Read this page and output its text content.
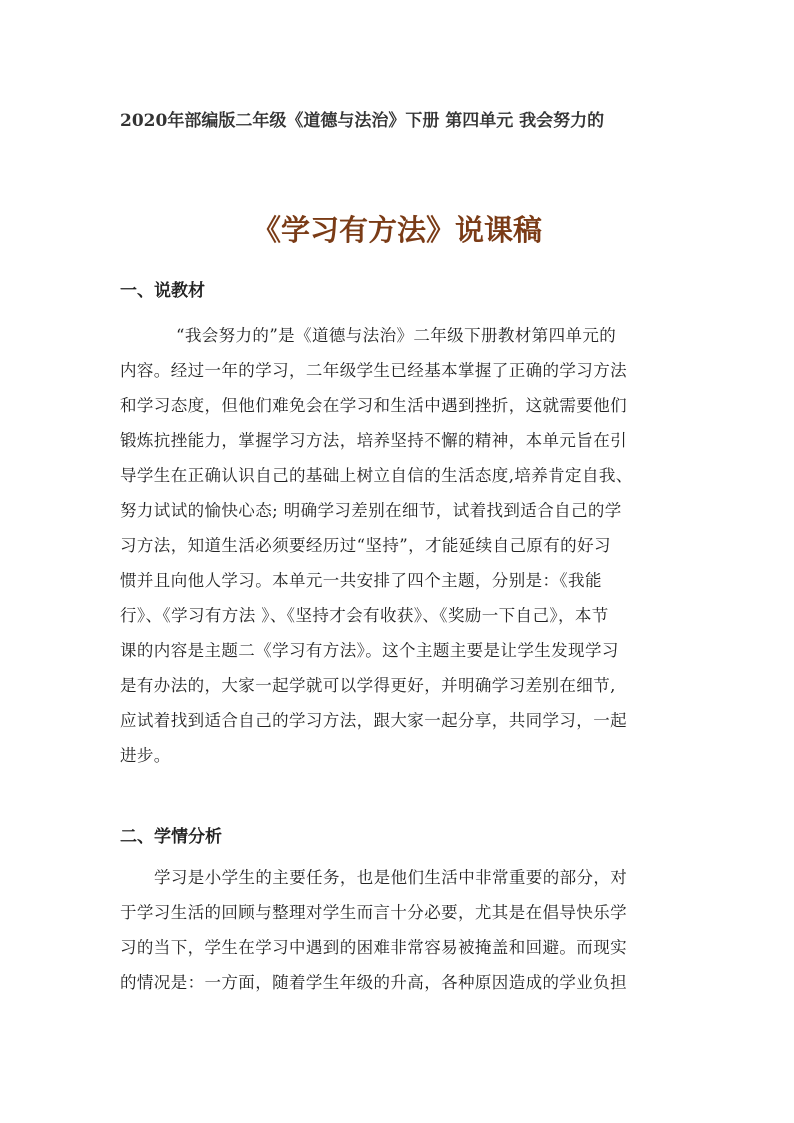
2020年部编版二年级《道德与法治》下册 第四单元 我会努力的
《学习有方法》说课稿
一、说教材
“我会努力的”是《道德与法治》二年级下册教材第四单元的
内容。经过一年的学习，二年级学生已经基本掌握了正确的学习方法
和学习态度，但他们难免会在学习和生活中遇到挫折，这就需要他们
锻炼抗挫能力，掌握学习方法，培养坚持不懈的精神，本单元旨在引
导学生在正确认识自己的基础上树立自信的生活态度,培养肯定自我、
努力试试的愉快心态; 明确学习差别在细节，试着找到适合自己的学
习方法，知道生活必须要经历过“坚持”，才能延续自己原有的好习
惯并且向他人学习。本单元一共安排了四个主题，分别是：《我能
行》、《学习有方法 》、《坚持才会有收获》、《奖励一下自己》，本节
课的内容是主题二《学习有方法》。这个主题主要是让学生发现学习
是有办法的，大家一起学就可以学得更好，并明确学习差别在细节,
应试着找到适合自己的学习方法，跟大家一起分享，共同学习，一起
进步。
二、学情分析
学习是小学生的主要任务，也是他们生活中非常重要的部分，对
于学习生活的回顾与整理对学生而言十分必要，尤其是在倡导快乐学
习的当下，学生在学习中遇到的困难非常容易被掩盖和回避。而现实
的情况是：一方面，随着学生年级的升高，各种原因造成的学业负担
